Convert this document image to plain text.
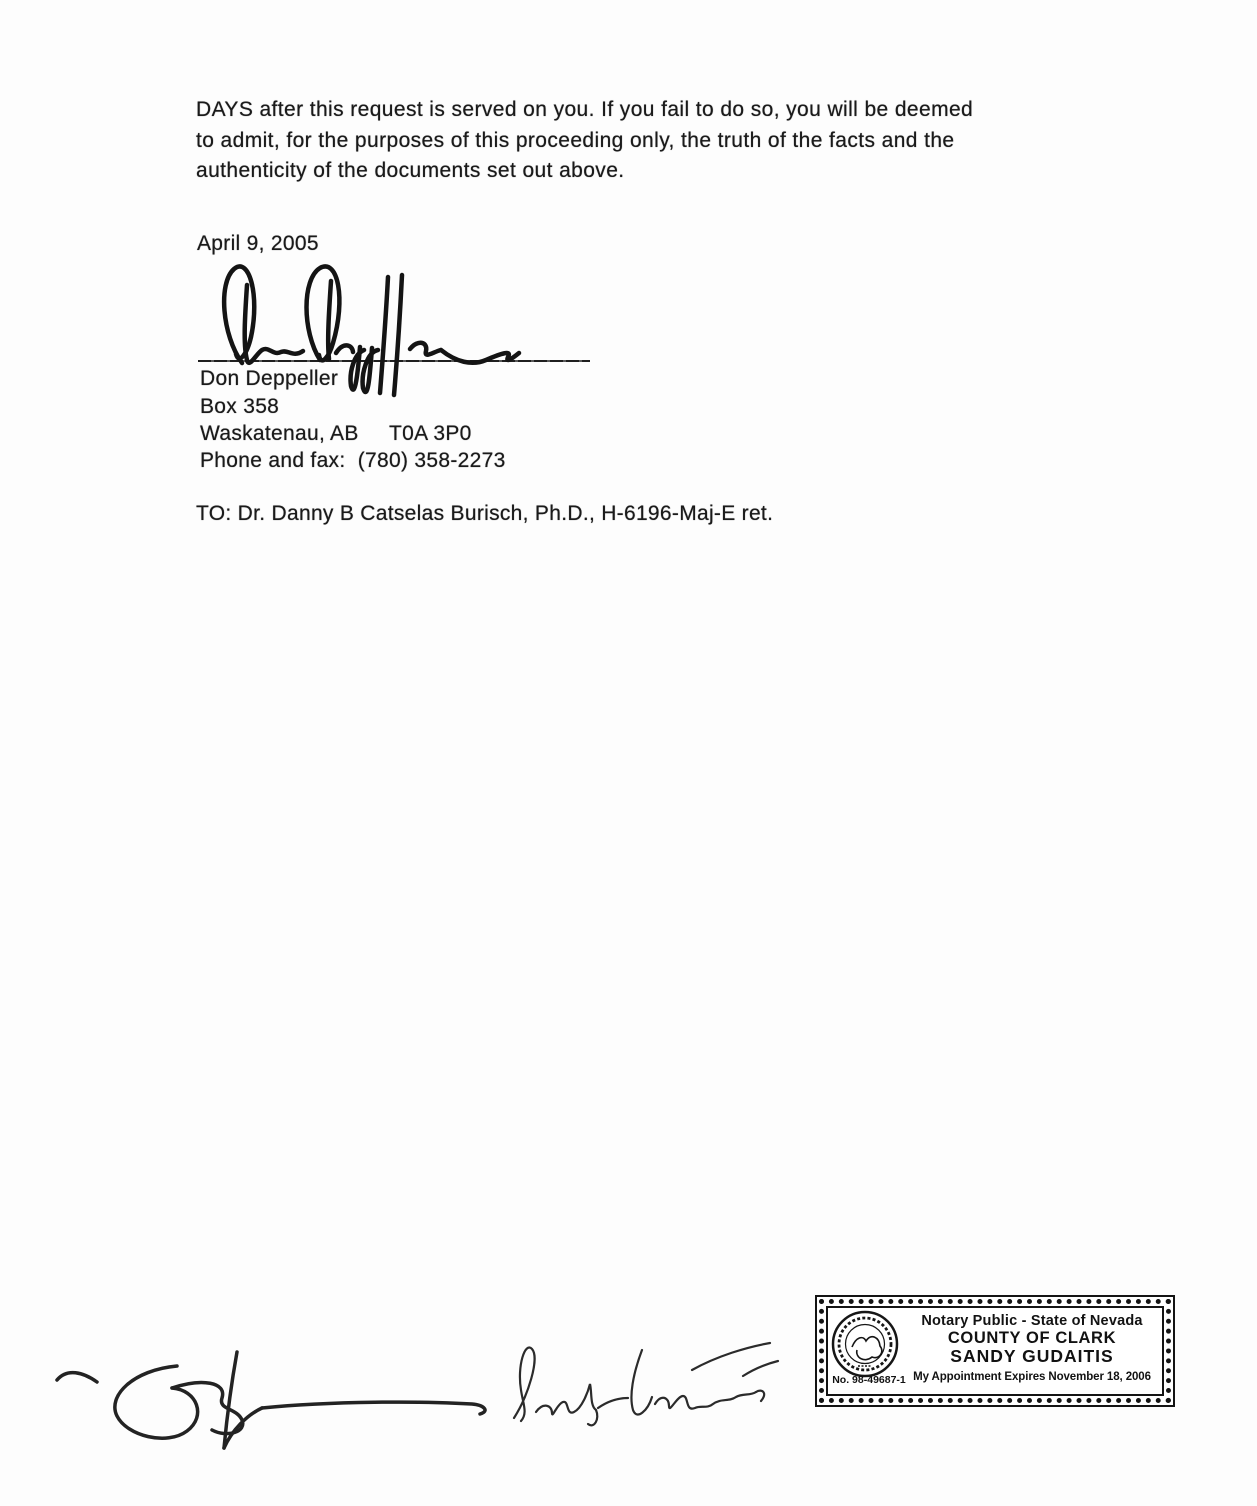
DAYS after this request is served on you. If you fail to do so, you will be deemed
to admit, for the purposes of this proceeding only, the truth of the facts and the
authenticity of the documents set out above.
April 9, 2005
Don Deppeller
Box 358
Waskatenau, AB     T0A 3P0
Phone and fax:  (780) 358-2273
TO: Dr. Danny B Catselas Burisch, Ph.D., H-6196-Maj-E ret.
Notary Public - State of Nevada
COUNTY OF CLARK
SANDY GUDAITIS
My Appointment Expires November 18, 2006
No. 98-49687-1
